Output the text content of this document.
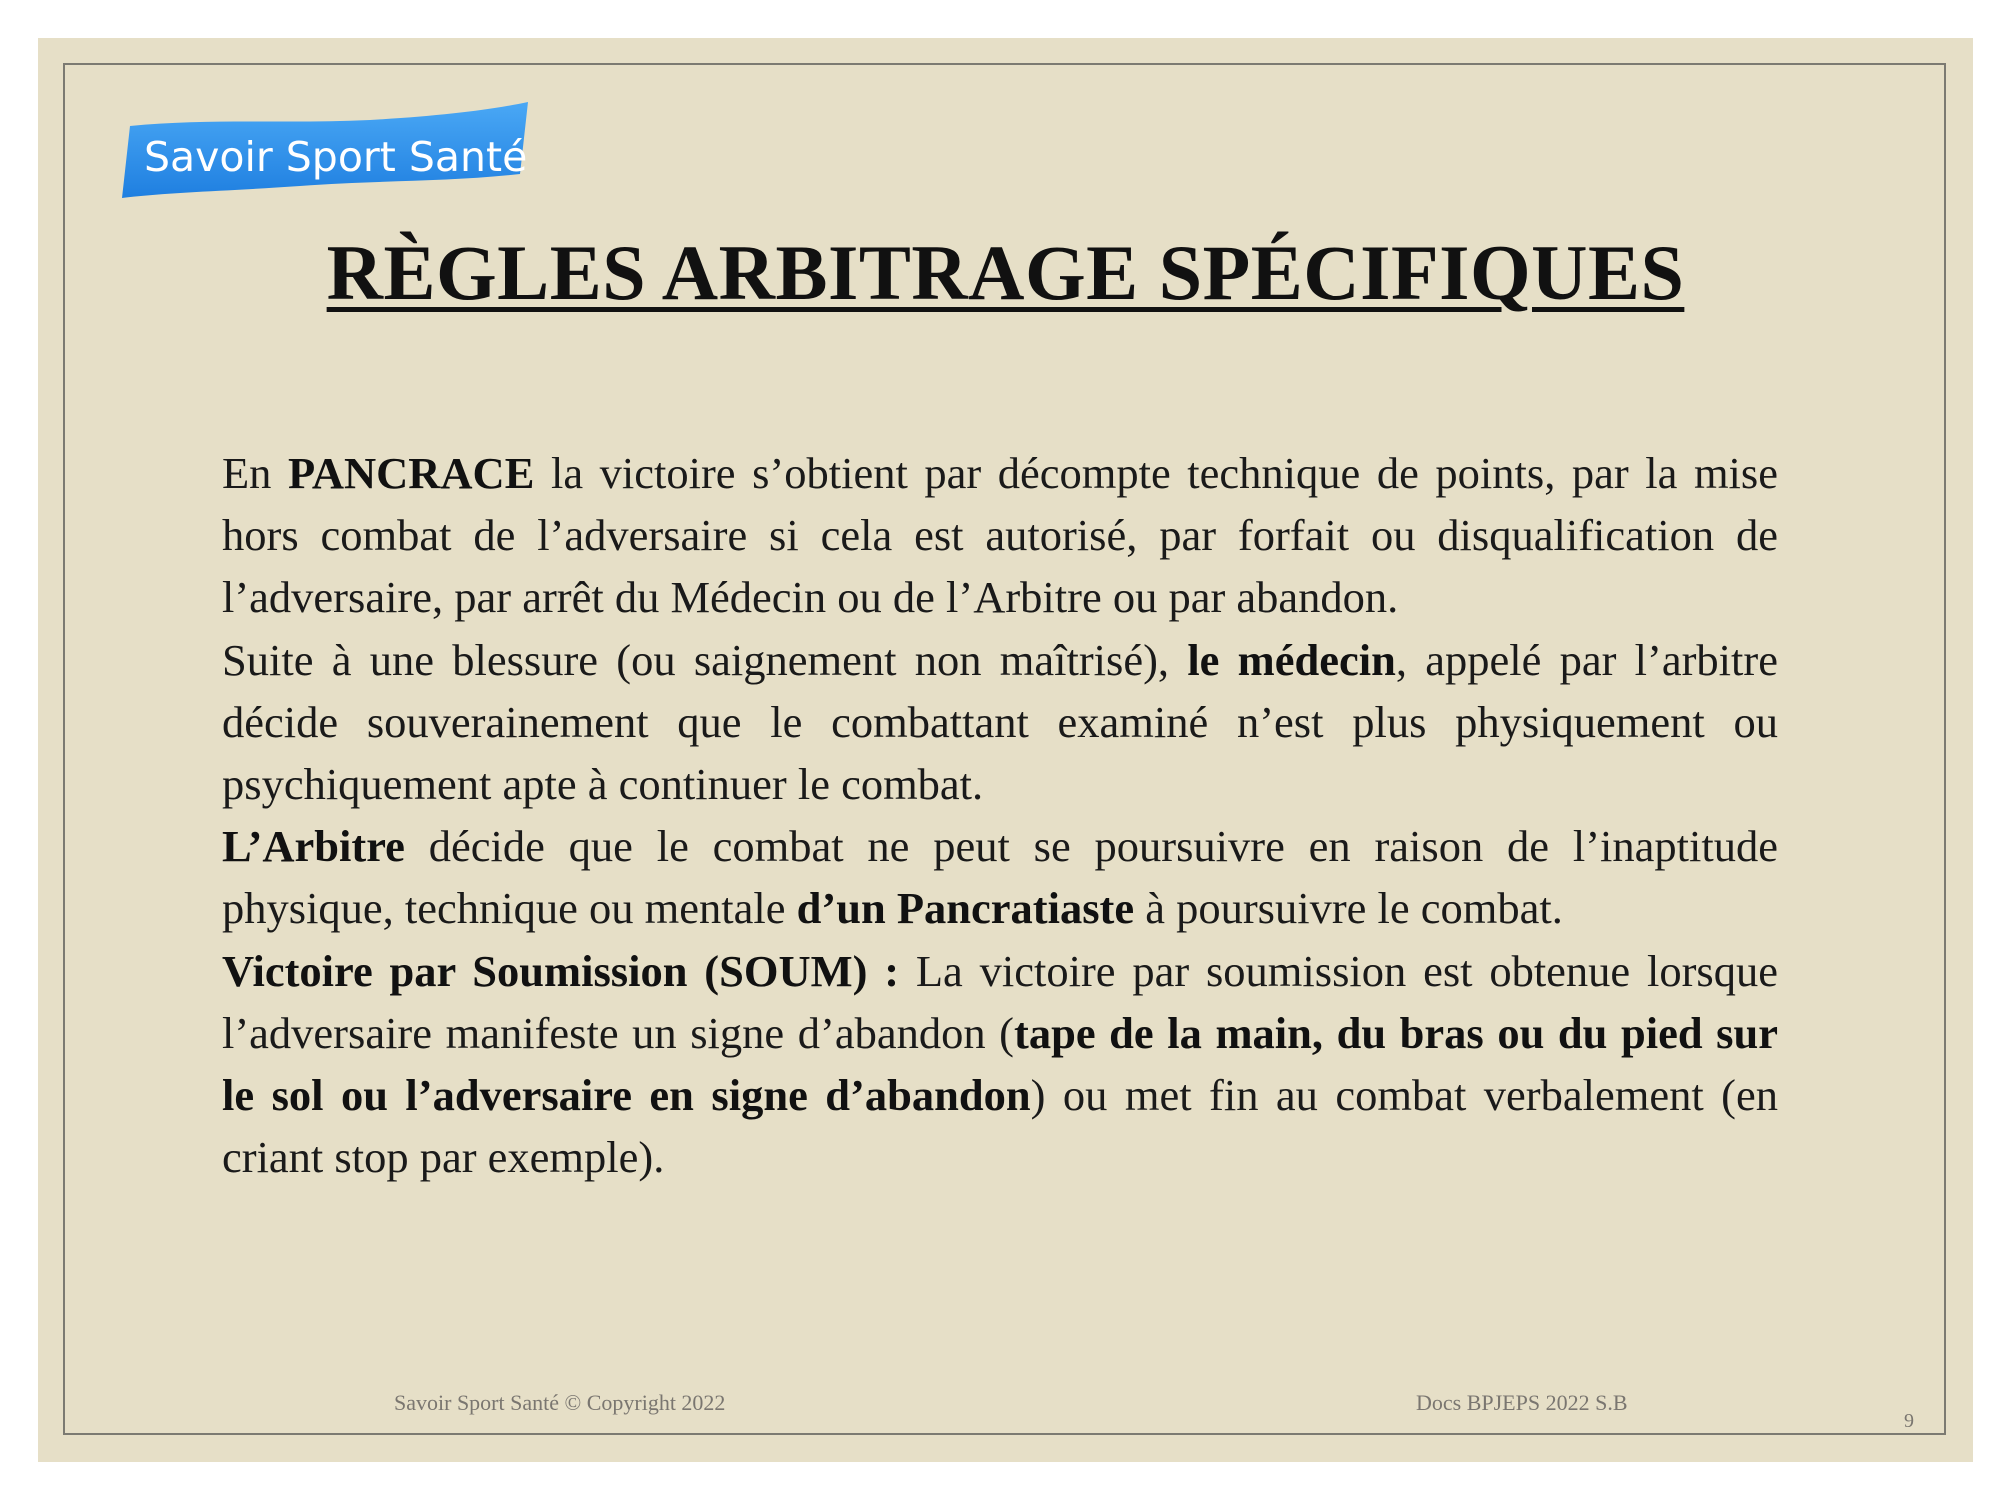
Savoir Sport Santé
RÈGLES ARBITRAGE SPÉCIFIQUES

En PANCRACE la victoire s’obtient par décompte technique de points, par la mise hors combat de l’adversaire si cela est autorisé, par forfait ou disqualification de l’adversaire, par arrêt du Médecin ou de l’Arbitre ou par abandon.

Suite à une blessure (ou saignement non maîtrisé), le médecin, appelé par l’arbitre décide souverainement que le combattant examiné n’est plus physiquement ou psychiquement apte à continuer le combat.

L’Arbitre décide que le combat ne peut se poursuivre en raison de l’inaptitude physique, technique ou mentale d’un Pancratiaste à poursuivre le combat.

Victoire par Soumission (SOUM) : La victoire par soumission est obtenue lorsque l’adversaire manifeste un signe d’abandon (tape de la main, du bras ou du pied sur le sol ou l’adversaire en signe d’abandon) ou met fin au combat verbalement (en criant stop par exemple).

Savoir Sport Santé © Copyright 2022	Docs BPJEPS 2022 S.B
9
